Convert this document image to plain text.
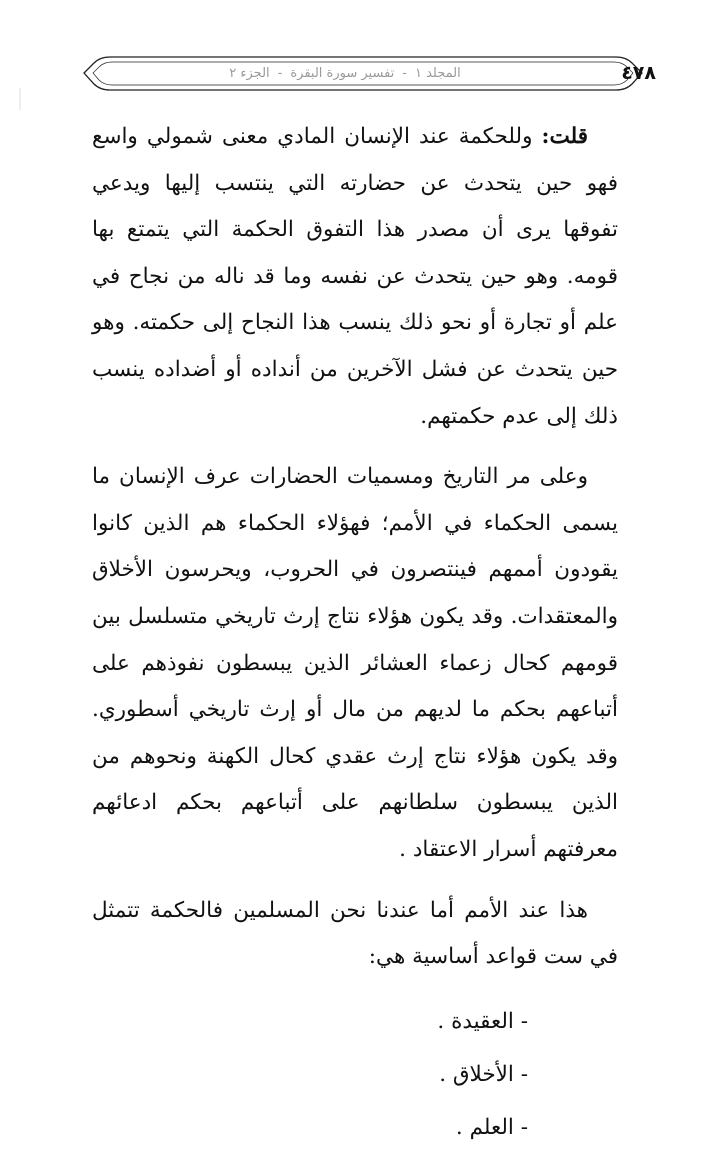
٤٧٨
المجلد ١-تفسير سورة البقرة-الجزء ٢

قلت: وللحكمة عند الإنسان المادي معنى شمولي واسع فهو حين يتحدث عن حضارته التي ينتسب إليها ويدعي تفوقها يرى أن مصدر هذا التفوق الحكمة التي يتمتع بها قومه. وهو حين يتحدث عن نفسه وما قد ناله من نجاح في علم أو تجارة أو نحو ذلك ينسب هذا النجاح إلى حكمته. وهو حين يتحدث عن فشل الآخرين من أنداده أو أضداده ينسب ذلك إلى عدم حكمتهم.

وعلى مر التاريخ ومسميات الحضارات عرف الإنسان ما يسمى الحكماء في الأمم؛ فهؤلاء الحكماء هم الذين كانوا يقودون أممهم فينتصرون في الحروب، ويحرسون الأخلاق والمعتقدات. وقد يكون هؤلاء نتاج إرث تاريخي متسلسل بين قومهم كحال زعماء العشائر الذين يبسطون نفوذهم على أتباعهم بحكم ما لديهم من مال أو إرث تاريخي أسطوري. وقد يكون هؤلاء نتاج إرث عقدي كحال الكهنة ونحوهم من الذين يبسطون سلطانهم على أتباعهم بحكم ادعائهم معرفتهم أسرار الاعتقاد .

هذا عند الأمم أما عندنا نحن المسلمين فالحكمة تتمثل في ست قواعد أساسية هي:

- العقيدة .
- الأخلاق .
- العلم .
